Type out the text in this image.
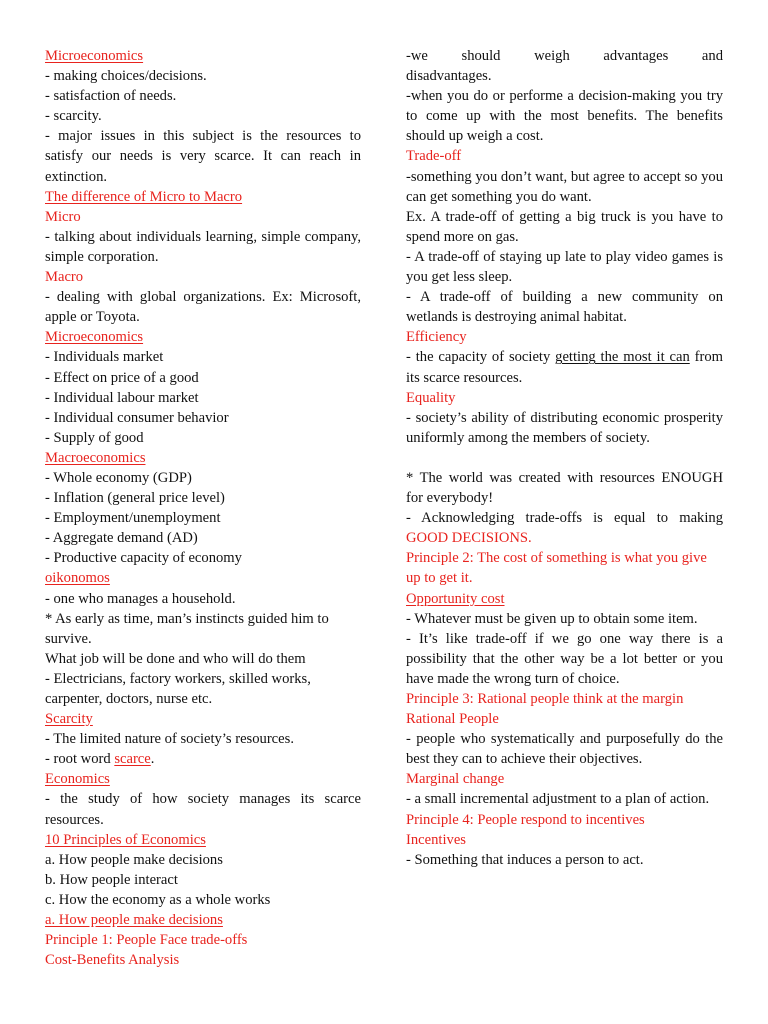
Microeconomics

- making choices/decisions.

- satisfaction of needs.

- scarcity.

- major issues in this subject is the resources to satisfy our needs is very scarce. It can reach in extinction.

The difference of Micro to Macro

Micro

- talking about individuals learning, simple company, simple corporation.

Macro

- dealing with global organizations. Ex: Microsoft, apple or Toyota.

Microeconomics

- Individuals market

- Effect on price of a good

- Individual labour market

- Individual consumer behavior

- Supply of good

Macroeconomics

- Whole economy (GDP)

- Inflation (general price level)

- Employment/unemployment

- Aggregate demand (AD)

- Productive capacity of economy

oikonomos

- one who manages a household.

* As early as time, man’s instincts guided him to survive.

What job will be done and who will do them

- Electricians, factory workers, skilled works, carpenter, doctors, nurse etc.

Scarcity

- The limited nature of society’s resources.

- root word scarce.

Economics

- the study of how society manages its scarce resources.

10 Principles of Economics

a. How people make decisions

b. How people interact

c. How the economy as a whole works

a. How people make decisions

Principle 1: People Face trade-offs

Cost-Benefits Analysis

-we should weigh advantages and

disadvantages.

-when you do or performe a decision-making you try to come up with the most benefits. The benefits should up weigh a cost.

Trade-off

-something you don’t want, but agree to accept so you can get something you do want.

Ex. A trade-off of getting a big truck is you have to spend more on gas.

- A trade-off of staying up late to play video games is you get less sleep.

- A trade-off of building a new community on wetlands is destroying animal habitat.

Efficiency

- the capacity of society getting the most it can from its scarce resources.

Equality

- society’s ability of distributing economic prosperity uniformly among the members of society.

* The world was created with resources ENOUGH for everybody!

- Acknowledging trade-offs is equal to making GOOD DECISIONS.

Principle 2: The cost of something is what you give up to get it.

Opportunity cost

- Whatever must be given up to obtain some item.

- It’s like trade-off if we go one way there is a possibility that the other way be a lot better or you have made the wrong turn of choice.

Principle 3: Rational people think at the margin

Rational People

- people who systematically and purposefully do the best they can to achieve their objectives.

Marginal change

- a small incremental adjustment to a plan of action.

Principle 4: People respond to incentives

Incentives

- Something that induces a person to act.
